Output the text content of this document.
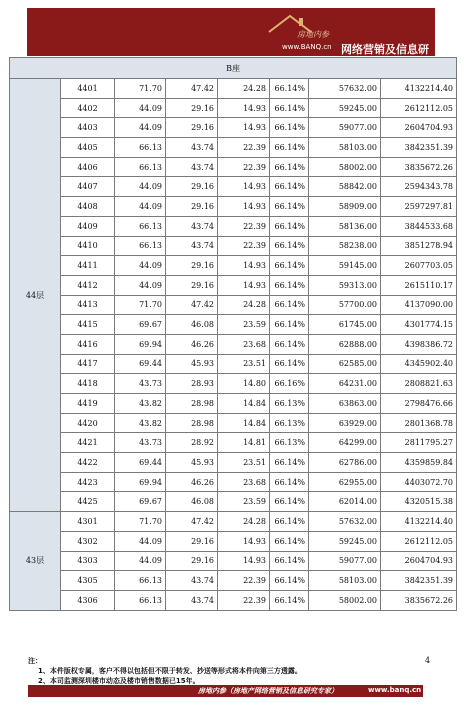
房地内参
www.BANQ.cn 网络营销及信息研
B座							
44层	4401	71.70	47.42	24.28	66.14%	57632.00	4132214.40
	4402	44.09	29.16	14.93	66.14%	59245.00	2612112.05
	4403	44.09	29.16	14.93	66.14%	59077.00	2604704.93
	4405	66.13	43.74	22.39	66.14%	58103.00	3842351.39
	4406	66.13	43.74	22.39	66.14%	58002.00	3835672.26
	4407	44.09	29.16	14.93	66.14%	58842.00	2594343.78
	4408	44.09	29.16	14.93	66.14%	58909.00	2597297.81
	4409	66.13	43.74	22.39	66.14%	58136.00	3844533.68
	4410	66.13	43.74	22.39	66.14%	58238.00	3851278.94
	4411	44.09	29.16	14.93	66.14%	59145.00	2607703.05
	4412	44.09	29.16	14.93	66.14%	59313.00	2615110.17
	4413	71.70	47.42	24.28	66.14%	57700.00	4137090.00
	4415	69.67	46.08	23.59	66.14%	61745.00	4301774.15
	4416	69.94	46.26	23.68	66.14%	62888.00	4398386.72
	4417	69.44	45.93	23.51	66.14%	62585.00	4345902.40
	4418	43.73	28.93	14.80	66.16%	64231.00	2808821.63
	4419	43.82	28.98	14.84	66.13%	63863.00	2798476.66
	4420	43.82	28.98	14.84	66.13%	63929.00	2801368.78
	4421	43.73	28.92	14.81	66.13%	64299.00	2811795.27
	4422	69.44	45.93	23.51	66.14%	62786.00	4359859.84
	4423	69.94	46.26	23.68	66.14%	62955.00	4403072.70
	4425	69.67	46.08	23.59	66.14%	62014.00	4320515.38
43层	4301	71.70	47.42	24.28	66.14%	57632.00	4132214.40
	4302	44.09	29.16	14.93	66.14%	59245.00	2612112.05
	4303	44.09	29.16	14.93	66.14%	59077.00	2604704.93
	4305	66.13	43.74	22.39	66.14%	58103.00	3842351.39
	4306	66.13	43.74	22.39	66.14%	58002.00	3835672.26
注：
1、本件版权专属，客户不得以包括但不限于转发、抄送等形式将本件向第三方透露。
2、本司监测深圳楼市动态及楼市销售数据已15年。
房地内参（房地产网络营销及信息研究专家）	www.banq.cn
4
